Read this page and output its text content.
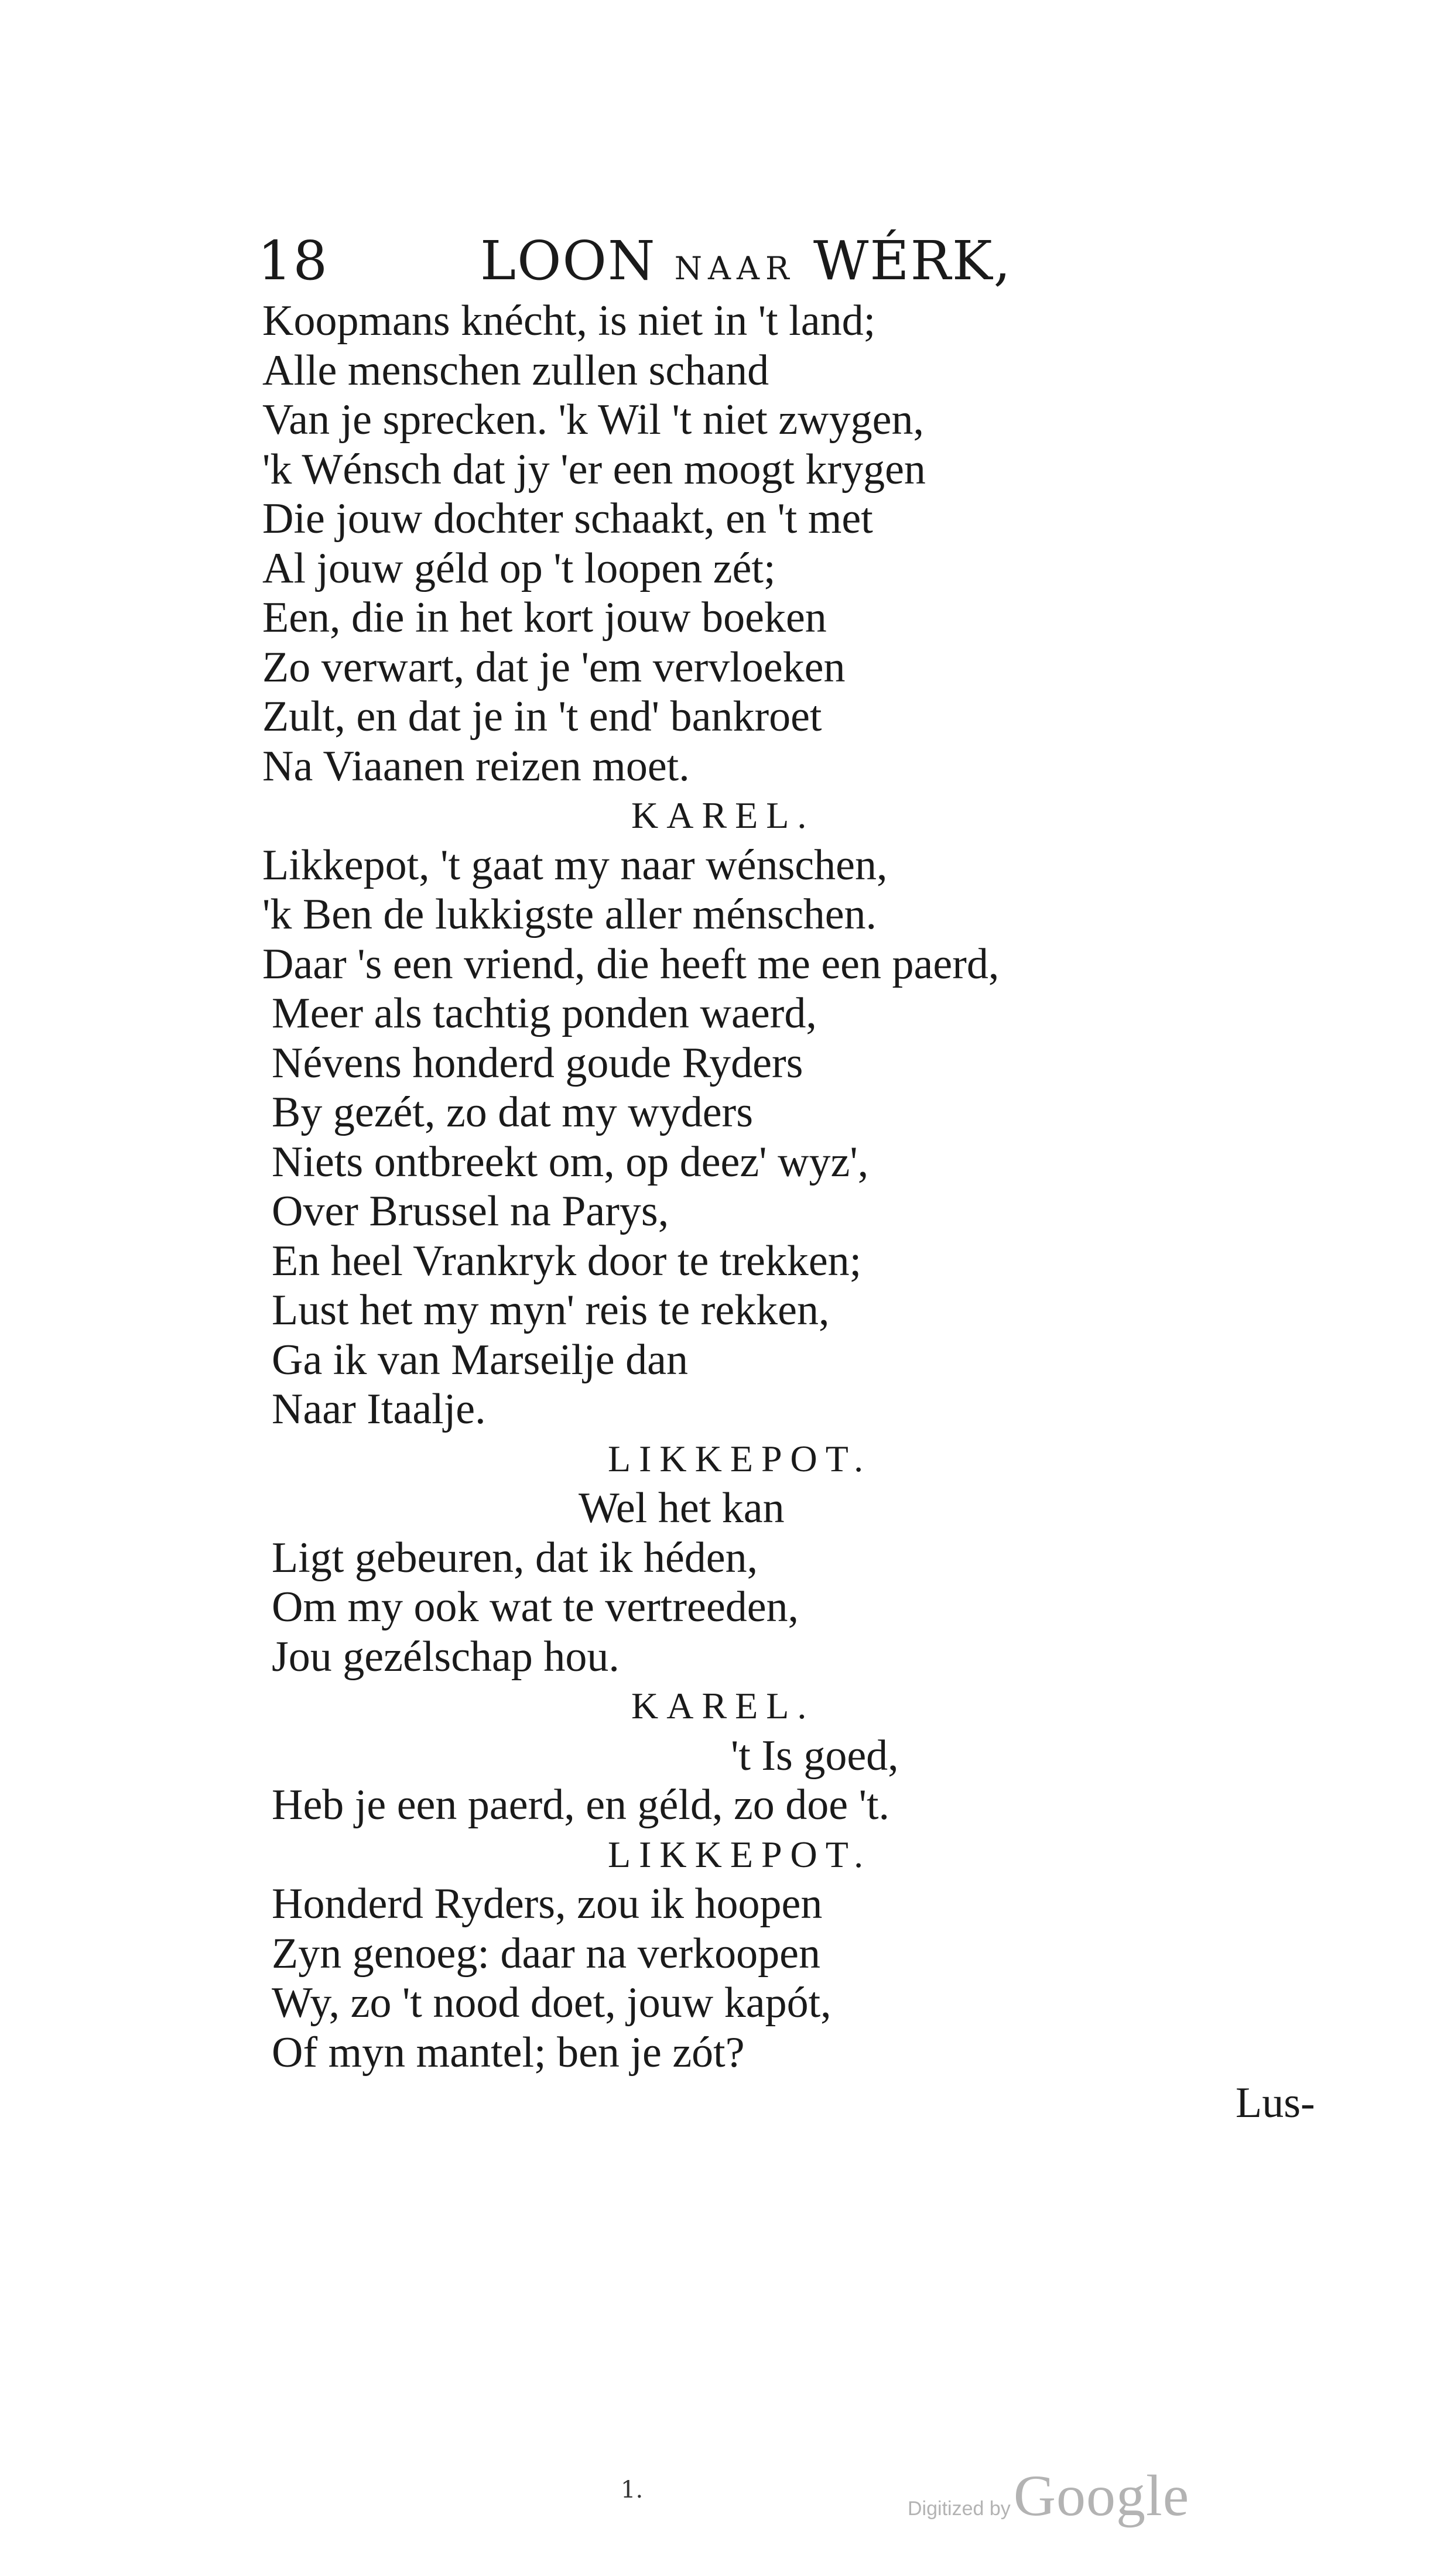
18	LOON NAAR WÉRK,
Koopmans knécht, is niet in 't land;
Alle menschen zullen schand
Van je sprecken. 'k Wil 't niet zwygen,
'k Wénsch dat jy 'er een moogt krygen
Die jouw dochter schaakt, en 't met
Al jouw géld op 't loopen zét;
Een, die in het kort jouw boeken
Zo verwart, dat je 'em vervloeken
Zult, en dat je in 't end' bankroet
Na Viaanen reizen moet.
KAREL.
Likkepot, 't gaat my naar wénschen,
'k Ben de lukkigste aller ménschen.
Daar 's een vriend, die heeft me een paerd,
Meer als tachtig ponden waerd,
Névens honderd goude Ryders
By gezét, zo dat my wyders
Niets ontbreekt om, op deez' wyz',
Over Brussel na Parys,
En heel Vrankryk door te trekken;
Lust het my myn' reis te rekken,
Ga ik van Marseilje dan
Naar Itaalje.
LIKKEPOT.
Wel het kan
Ligt gebeuren, dat ik héden,
Om my ook wat te vertreeden,
Jou gezélschap hou.
KAREL.
't Is goed,
Heb je een paerd, en géld, zo doe 't.
LIKKEPOT.
Honderd Ryders, zou ik hoopen
Zyn genoeg: daar na verkoopen
Wy, zo 't nood doet, jouw kapót,
Of myn mantel; ben je zót?
Lus-
1.
Digitized by Google
